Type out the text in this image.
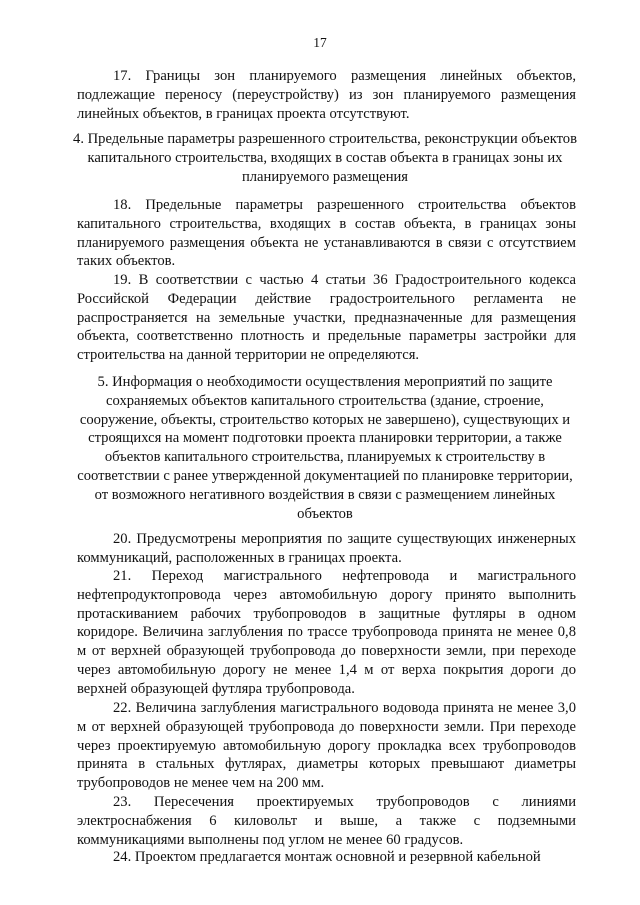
17

17. Границы зон планируемого размещения линейных объектов, подлежащие переносу (переустройству) из зон планируемого размещения линейных объектов, в границах проекта отсутствуют.

4. Предельные параметры разрешенного строительства, реконструкции объектов капитального строительства, входящих в состав объекта в границах зоны их планируемого размещения

18. Предельные параметры разрешенного строительства объектов капитального строительства, входящих в состав объекта, в границах зоны планируемого размещения объекта не устанавливаются в связи с отсутствием таких объектов.

19. В соответствии с частью 4 статьи 36 Градостроительного кодекса Российской Федерации действие градостроительного регламента не распространяется на земельные участки, предназначенные для размещения объекта, соответственно плотность и предельные параметры застройки для строительства на данной территории не определяются.

5. Информация о необходимости осуществления мероприятий по защите сохраняемых объектов капитального строительства (здание, строение, сооружение, объекты, строительство которых не завершено), существующих и строящихся на момент подготовки проекта планировки территории, а также объектов капитального строительства, планируемых к строительству в соответствии с ранее утвержденной документацией по планировке территории, от возможного негативного воздействия в связи с размещением линейных объектов

20. Предусмотрены мероприятия по защите существующих инженерных коммуникаций, расположенных в границах проекта.

21. Переход магистрального нефтепровода и магистрального нефтепродуктопровода через автомобильную дорогу принято выполнить протаскиванием рабочих трубопроводов в защитные футляры в одном коридоре. Величина заглубления по трассе трубопровода принята не менее 0,8 м от верхней образующей трубопровода до поверхности земли, при переходе через автомобильную дорогу не менее 1,4 м от верха покрытия дороги до верхней образующей футляра трубопровода.

22. Величина заглубления магистрального водовода принята не менее 3,0 м от верхней образующей трубопровода до поверхности земли. При переходе через проектируемую автомобильную дорогу прокладка всех трубопроводов принята в стальных футлярах, диаметры которых превышают диаметры трубопроводов не менее чем на 200 мм.

23. Пересечения проектируемых трубопроводов с линиями электроснабжения 6 киловольт и выше, а также с подземными коммуникациями выполнены под углом не менее 60 градусов.

24. Проектом предлагается монтаж основной и резервной кабельной
